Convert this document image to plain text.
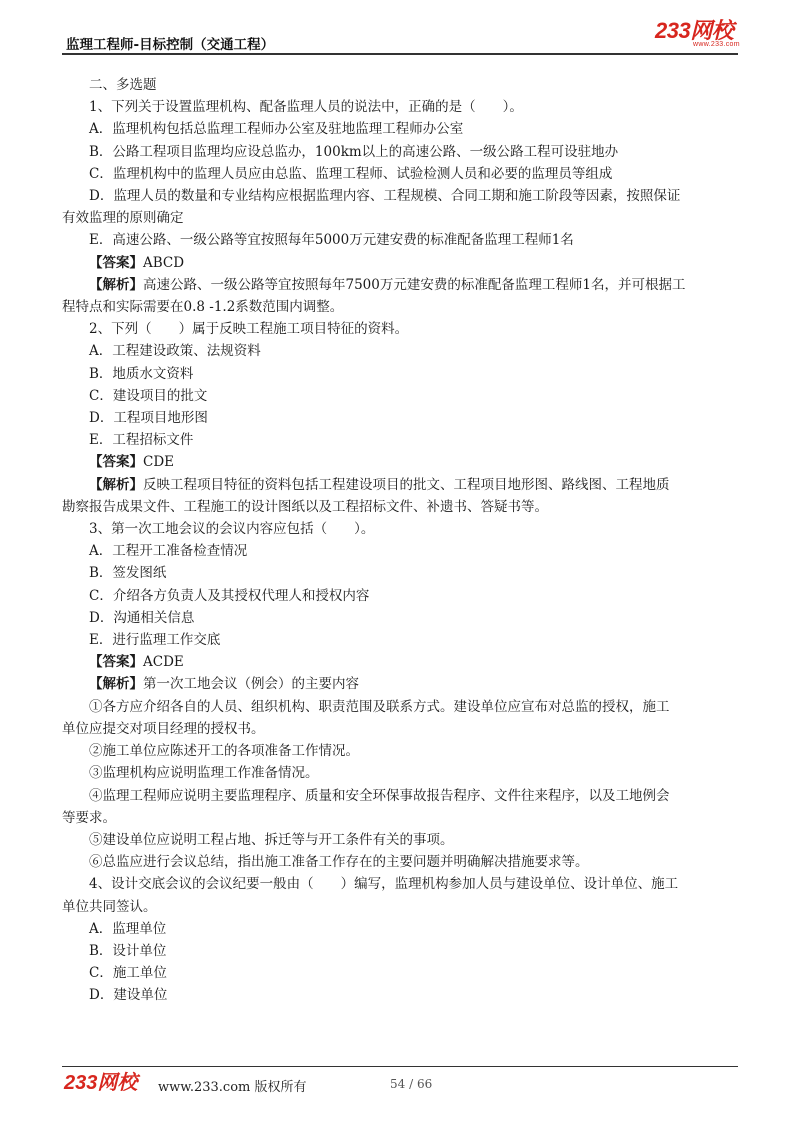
监理工程师-目标控制（交通工程）
233网校
www.233.com
二、多选题
1、下列关于设置监理机构、配备监理人员的说法中，正确的是（　　）。
A．监理机构包括总监理工程师办公室及驻地监理工程师办公室
B．公路工程项目监理均应设总监办，100km以上的高速公路、一级公路工程可设驻地办
C．监理机构中的监理人员应由总监、监理工程师、试验检测人员和必要的监理员等组成
D．监理人员的数量和专业结构应根据监理内容、工程规模、合同工期和施工阶段等因素，按照保证
有效监理的原则确定
E．高速公路、一级公路等宜按照每年5000万元建安费的标准配备监理工程师1名
【答案】ABCD
【解析】高速公路、一级公路等宜按照每年7500万元建安费的标准配备监理工程师1名，并可根据工
程特点和实际需要在0.8 -1.2系数范围内调整。
2、下列（　　）属于反映工程施工项目特征的资料。
A．工程建设政策、法规资料
B．地质水文资料
C．建设项目的批文
D．工程项目地形图
E．工程招标文件
【答案】CDE
【解析】反映工程项目特征的资料包括工程建设项目的批文、工程项目地形图、路线图、工程地质
勘察报告成果文件、工程施工的设计图纸以及工程招标文件、补遗书、答疑书等。
3、第一次工地会议的会议内容应包括（　　）。
A．工程开工准备检查情况
B．签发图纸
C．介绍各方负责人及其授权代理人和授权内容
D．沟通相关信息
E．进行监理工作交底
【答案】ACDE
【解析】第一次工地会议（例会）的主要内容
①各方应介绍各自的人员、组织机构、职责范围及联系方式。建设单位应宣布对总监的授权，施工
单位应提交对项目经理的授权书。
②施工单位应陈述开工的各项准备工作情况。
③监理机构应说明监理工作准备情况。
④监理工程师应说明主要监理程序、质量和安全环保事故报告程序、文件往来程序，以及工地例会
等要求。
⑤建设单位应说明工程占地、拆迁等与开工条件有关的事项。
⑥总监应进行会议总结，指出施工准备工作存在的主要问题并明确解决措施要求等。
4、设计交底会议的会议纪要一般由（　　）编写，监理机构参加人员与建设单位、设计单位、施工
单位共同签认。
A．监理单位
B．设计单位
C．施工单位
D．建设单位
233网校 www.233.com 版权所有	54 / 66
